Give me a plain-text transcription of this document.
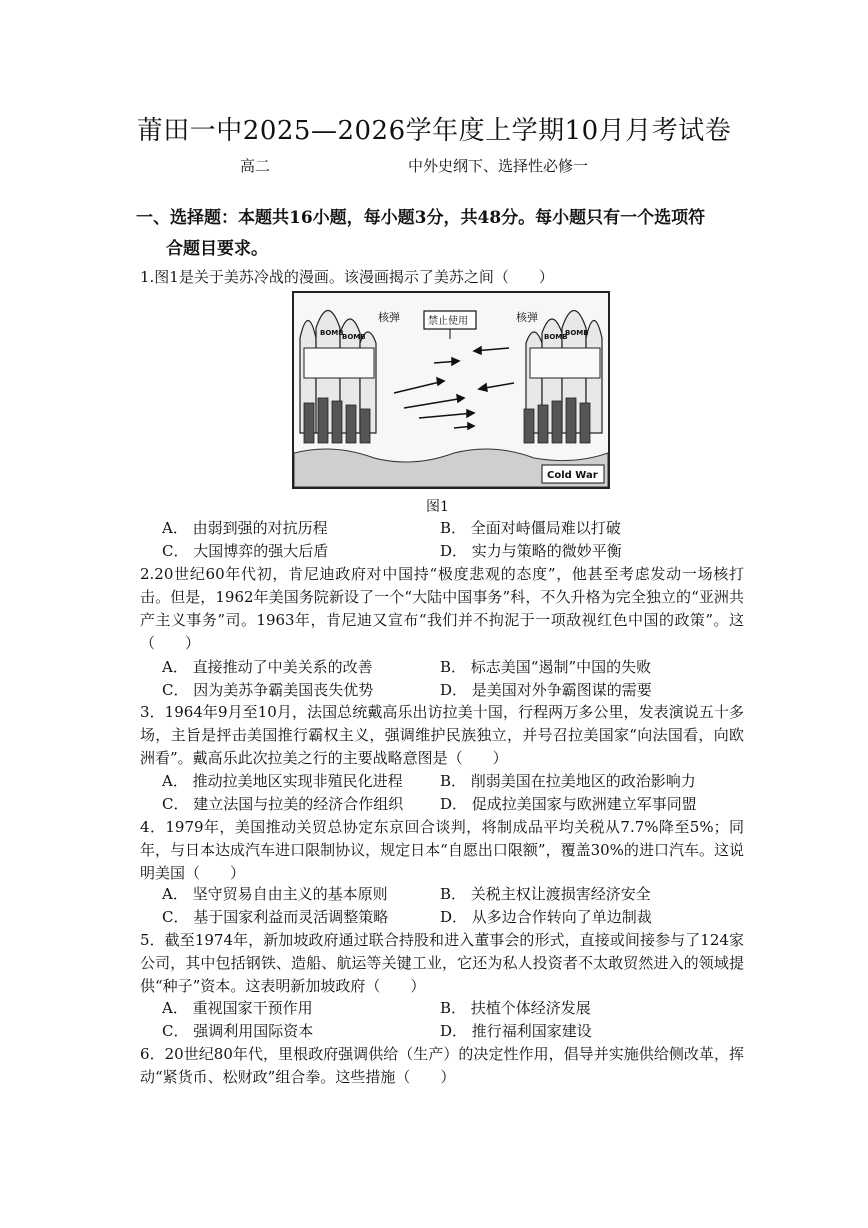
莆田一中2025—2026学年度上学期10月月考试卷
高二	中外史纲下、选择性必修一
一、选择题：本题共16小题，每小题3分，共48分。每小题只有一个选项符
合题目要求。
1.图1是关于美苏冷战的漫画。该漫画揭示了美苏之间（　　）
BOMB
BOMB	BOMB
BOMB
禁止使用
核弹	核弹
Cold War
图1
A． 由弱到强的对抗历程	B． 全面对峙僵局难以打破
C． 大国博弈的强大后盾	D． 实力与策略的微妙平衡
2.20世纪60年代初，肯尼迪政府对中国持“极度悲观的态度”，他甚至考虑发动一场核打击。但是，1962年美国务院新设了一个“大陆中国事务”科，不久升格为完全独立的“亚洲共产主义事务”司。1963年，肯尼迪又宣布“我们并不拘泥于一项敌视红色中国的政策”。这（　　）
A． 直接推动了中美关系的改善	B． 标志美国“遏制”中国的失败
C． 因为美苏争霸美国丧失优势	D． 是美国对外争霸图谋的需要
3．1964年9月至10月，法国总统戴高乐出访拉美十国，行程两万多公里，发表演说五十多场，主旨是抨击美国推行霸权主义，强调维护民族独立，并号召拉美国家“向法国看，向欧洲看”。戴高乐此次拉美之行的主要战略意图是（　　）
A． 推动拉美地区实现非殖民化进程 B． 削弱美国在拉美地区的政治影响力
C． 建立法国与拉美的经济合作组织 D． 促成拉美国家与欧洲建立军事同盟
4．1979年，美国推动关贸总协定东京回合谈判，将制成品平均关税从7.7%降至5%；同年，与日本达成汽车进口限制协议，规定日本“自愿出口限额”，覆盖30%的进口汽车。这说明美国（　　）
A． 坚守贸易自由主义的基本原则	B． 关税主权让渡损害经济安全
C． 基于国家利益而灵活调整策略	D． 从多边合作转向了单边制裁
5．截至1974年，新加坡政府通过联合持股和进入董事会的形式，直接或间接参与了124家公司，其中包括钢铁、造船、航运等关键工业，它还为私人投资者不太敢贸然进入的领域提供“种子”资本。这表明新加坡政府（　　）
A． 重视国家干预作用	B． 扶植个体经济发展
C． 强调利用国际资本	D． 推行福利国家建设
6．20世纪80年代，里根政府强调供给（生产）的决定性作用，倡导并实施供给侧改革，挥动“紧货币、松财政”组合拳。这些措施（　　）
